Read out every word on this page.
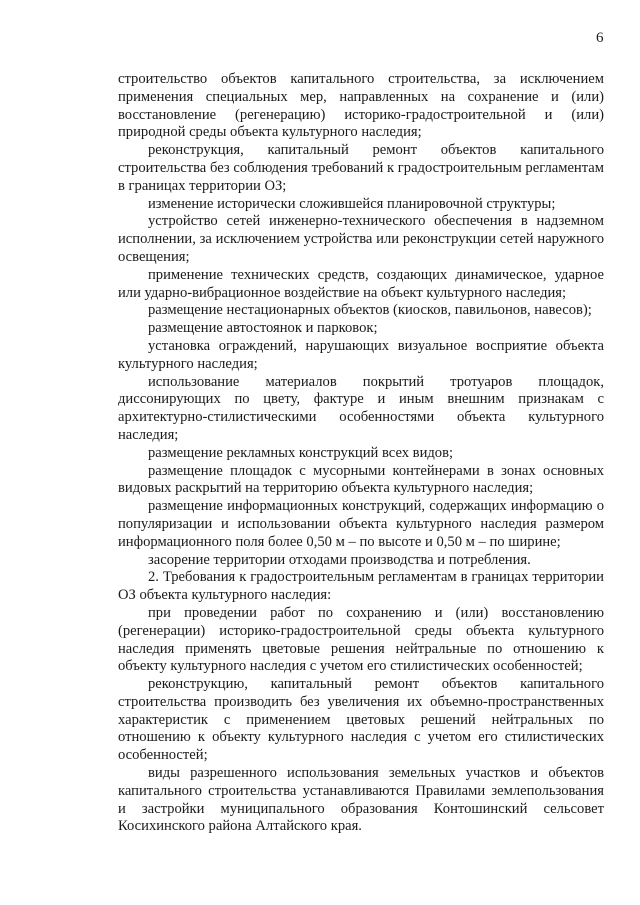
6

строительство объектов капитального строительства, за исключением применения специальных мер, направленных на сохранение и (или) восстановление (регенерацию) историко-градостроительной и (или) природной среды объекта культурного наследия;

реконструкция, капитальный ремонт объектов капитального строительства без соблюдения требований к градостроительным регламентам в границах территории ОЗ;

изменение исторически сложившейся планировочной структуры;

устройство сетей инженерно-технического обеспечения в надземном исполнении, за исключением устройства или реконструкции сетей наружного освещения;

применение технических средств, создающих динамическое, ударное или ударно-вибрационное воздействие на объект культурного наследия;

размещение нестационарных объектов (киосков, павильонов, навесов);

размещение автостоянок и парковок;

установка ограждений, нарушающих визуальное восприятие объекта культурного наследия;

использование материалов покрытий тротуаров площадок, диссонирующих по цвету, фактуре и иным внешним признакам с архитектурно-стилистическими особенностями объекта культурного наследия;

размещение рекламных конструкций всех видов;

размещение площадок с мусорными контейнерами в зонах основных видовых раскрытий на территорию объекта культурного наследия;

размещение информационных конструкций, содержащих информацию о популяризации и использовании объекта культурного наследия размером информационного поля более 0,50 м – по высоте и 0,50 м – по ширине;

засорение территории отходами производства и потребления.

2. Требования к градостроительным регламентам в границах территории ОЗ объекта культурного наследия:

при проведении работ по сохранению и (или) восстановлению (регенерации) историко-градостроительной среды объекта культурного наследия применять цветовые решения нейтральные по отношению к объекту культурного наследия с учетом его стилистических особенностей;

реконструкцию, капитальный ремонт объектов капитального строительства производить без увеличения их объемно-пространственных характеристик с применением цветовых решений нейтральных по отношению к объекту культурного наследия с учетом его стилистических особенностей;

виды разрешенного использования земельных участков и объектов капитального строительства устанавливаются Правилами землепользования и застройки муниципального образования Контошинский сельсовет Косихинского района Алтайского края.
